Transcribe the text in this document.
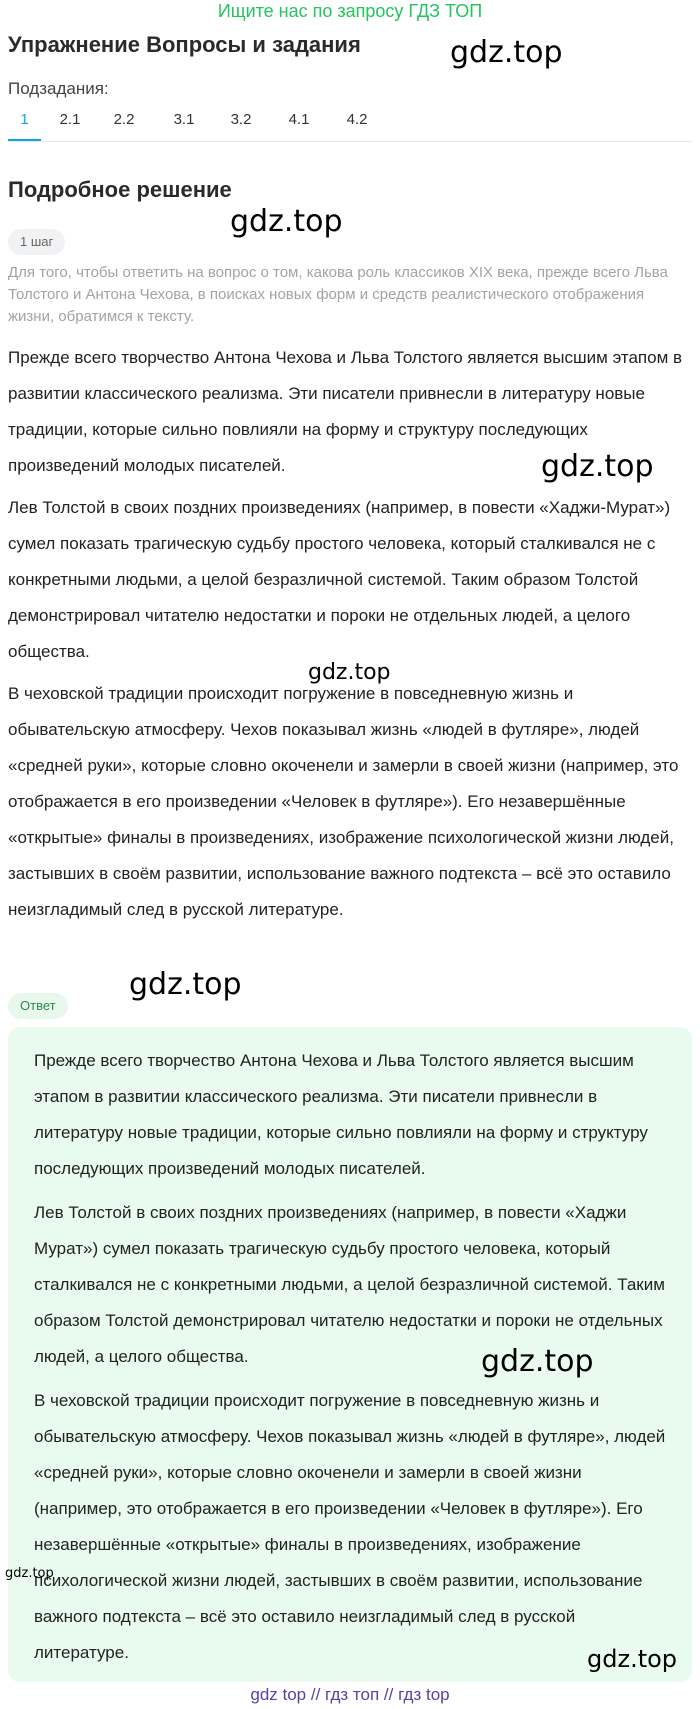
Ищите нас по запросу ГДЗ ТОП
Упражнение Вопросы и задания
Подзадания:
1	2.1	2.2	3.1	3.2	4.1	4.2
Подробное решение
1 шаг

Для того, чтобы ответить на вопрос о том, какова роль классиков XIX века, прежде всего Льва Толстого и Антона Чехова, в поисках новых форм и средств реалистического отображения жизни, обратимся к тексту.

Прежде всего творчество Антона Чехова и Льва Толстого является высшим этапом в развитии классического реализма. Эти писатели привнесли в литературу новые традиции, которые сильно повлияли на форму и структуру последующих произведений молодых писателей.

Лев Толстой в своих поздних произведениях (например, в повести «Хаджи-Мурат») сумел показать трагическую судьбу простого человека, который сталкивался не с конкретными людьми, а целой безразличной системой. Таким образом Толстой демонстрировал читателю недостатки и пороки не отдельных людей, а целого общества.

В чеховской традиции происходит погружение в повседневную жизнь и обывательскую атмосферу. Чехов показывал жизнь «людей в футляре», людей «средней руки», которые словно окоченели и замерли в своей жизни (например, это отображается в его произведении «Человек в футляре»). Его незавершённые «открытые» финалы в произведениях, изображение психологической жизни людей, застывших в своём развитии, использование важного подтекста – всё это оставило неизгладимый след в русской литературе.

Ответ

Прежде всего творчество Антона Чехова и Льва Толстого является высшим этапом в развитии классического реализма. Эти писатели привнесли в литературу новые традиции, которые сильно повлияли на форму и структуру последующих произведений молодых писателей.

Лев Толстой в своих поздних произведениях (например, в повести «Хаджи Мурат») сумел показать трагическую судьбу простого человека, который сталкивался не с конкретными людьми, а целой безразличной системой. Таким образом Толстой демонстрировал читателю недостатки и пороки не отдельных людей, а целого общества.

В чеховской традиции происходит погружение в повседневную жизнь и обывательскую атмосферу. Чехов показывал жизнь «людей в футляре», людей «средней руки», которые словно окоченели и замерли в своей жизни (например, это отображается в его произведении «Человек в футляре»). Его незавершённые «открытые» финалы в произведениях, изображение психологической жизни людей, застывших в своём развитии, использование важного подтекста – всё это оставило неизгладимый след в русской литературе.

gdz top // гдз топ // гдз top
gdz.top
gdz.top
gdz.top
gdz.top
gdz.top
gdz.top
gdz.top
gdz.top
